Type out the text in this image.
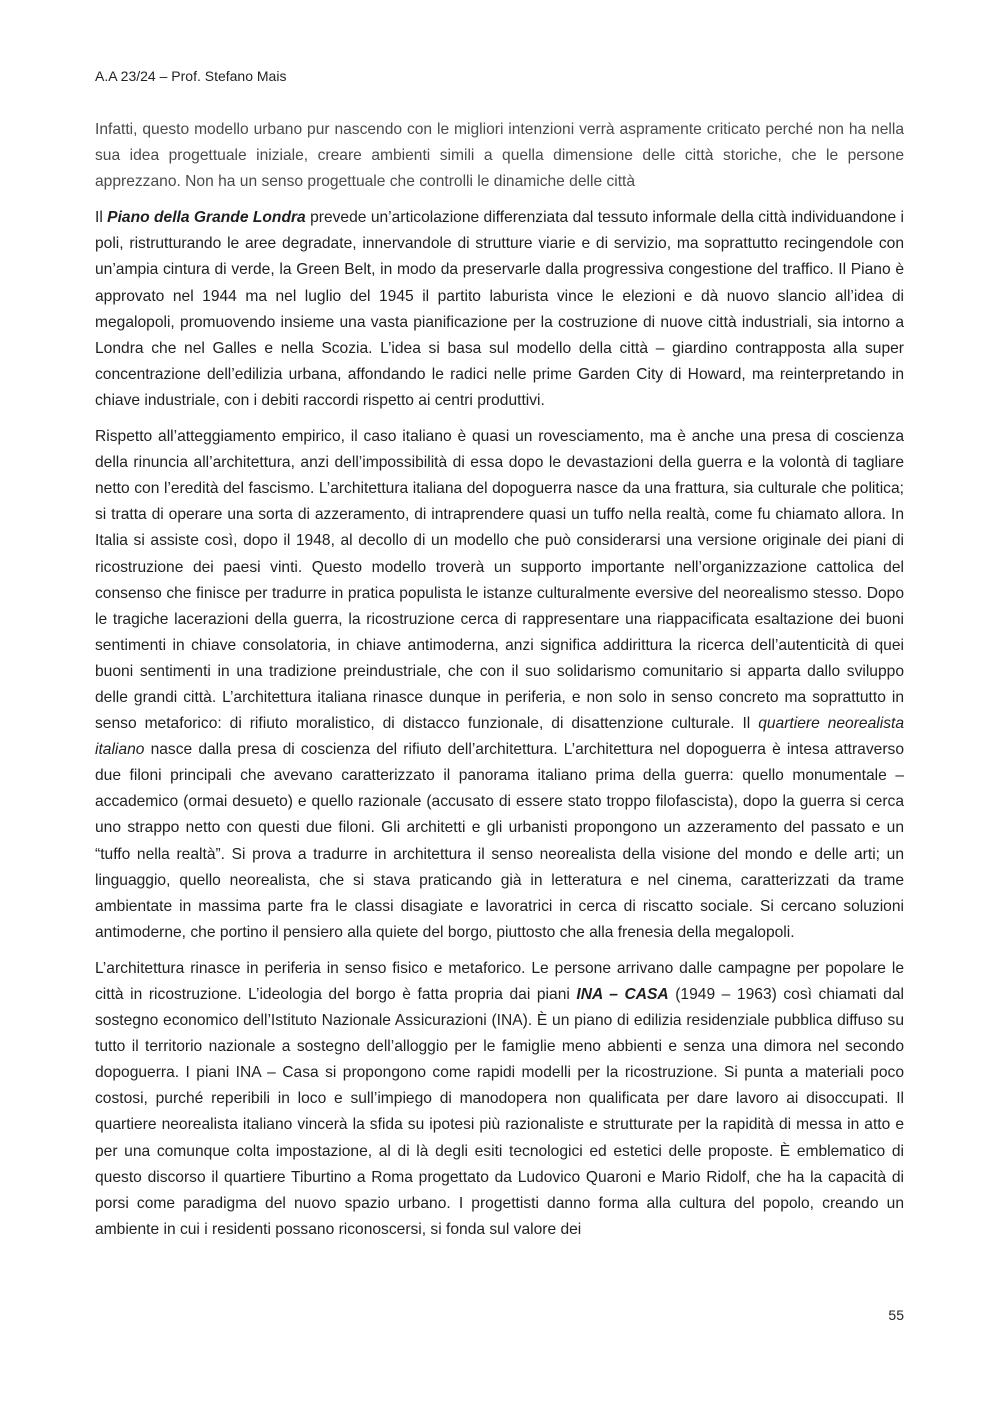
A.A 23/24 – Prof. Stefano Mais

Infatti, questo modello urbano pur nascendo con le migliori intenzioni verrà aspramente criticato perché non ha nella sua idea progettuale iniziale, creare ambienti simili a quella dimensione delle città storiche, che le persone apprezzano. Non ha un senso progettuale che controlli le dinamiche delle città

Il Piano della Grande Londra prevede un’articolazione differenziata dal tessuto informale della città individuandone i poli, ristrutturando le aree degradate, innervandole di strutture viarie e di servizio, ma soprattutto recingendole con un’ampia cintura di verde, la Green Belt, in modo da preservarle dalla progressiva congestione del traffico. Il Piano è approvato nel 1944 ma nel luglio del 1945 il partito laburista vince le elezioni e dà nuovo slancio all’idea di megalopoli, promuovendo insieme una vasta pianificazione per la costruzione di nuove città industriali, sia intorno a Londra che nel Galles e nella Scozia. L’idea si basa sul modello della città – giardino contrapposta alla super concentrazione dell’edilizia urbana, affondando le radici nelle prime Garden City di Howard, ma reinterpretando in chiave industriale, con i debiti raccordi rispetto ai centri produttivi.

Rispetto all’atteggiamento empirico, il caso italiano è quasi un rovesciamento, ma è anche una presa di coscienza della rinuncia all’architettura, anzi dell’impossibilità di essa dopo le devastazioni della guerra e la volontà di tagliare netto con l’eredità del fascismo. L’architettura italiana del dopoguerra nasce da una frattura, sia culturale che politica; si tratta di operare una sorta di azzeramento, di intraprendere quasi un tuffo nella realtà, come fu chiamato allora. In Italia si assiste così, dopo il 1948, al decollo di un modello che può considerarsi una versione originale dei piani di ricostruzione dei paesi vinti. Questo modello troverà un supporto importante nell’organizzazione cattolica del consenso che finisce per tradurre in pratica populista le istanze culturalmente eversive del neorealismo stesso. Dopo le tragiche lacerazioni della guerra, la ricostruzione cerca di rappresentare una riappacificata esaltazione dei buoni sentimenti in chiave consolatoria, in chiave antimoderna, anzi significa addirittura la ricerca dell’autenticità di quei buoni sentimenti in una tradizione preindustriale, che con il suo solidarismo comunitario si apparta dallo sviluppo delle grandi città. L’architettura italiana rinasce dunque in periferia, e non solo in senso concreto ma soprattutto in senso metaforico: di rifiuto moralistico, di distacco funzionale, di disattenzione culturale. Il quartiere neorealista italiano nasce dalla presa di coscienza del rifiuto dell’architettura. L’architettura nel dopoguerra è intesa attraverso due filoni principali che avevano caratterizzato il panorama italiano prima della guerra: quello monumentale – accademico (ormai desueto) e quello razionale (accusato di essere stato troppo filofascista), dopo la guerra si cerca uno strappo netto con questi due filoni. Gli architetti e gli urbanisti propongono un azzeramento del passato e un “tuffo nella realtà”. Si prova a tradurre in architettura il senso neorealista della visione del mondo e delle arti; un linguaggio, quello neorealista, che si stava praticando già in letteratura e nel cinema, caratterizzati da trame ambientate in massima parte fra le classi disagiate e lavoratrici in cerca di riscatto sociale. Si cercano soluzioni antimoderne, che portino il pensiero alla quiete del borgo, piuttosto che alla frenesia della megalopoli.

L’architettura rinasce in periferia in senso fisico e metaforico. Le persone arrivano dalle campagne per popolare le città in ricostruzione. L’ideologia del borgo è fatta propria dai piani INA – CASA (1949 – 1963) così chiamati dal sostegno economico dell’Istituto Nazionale Assicurazioni (INA). È un piano di edilizia residenziale pubblica diffuso su tutto il territorio nazionale a sostegno dell’alloggio per le famiglie meno abbienti e senza una dimora nel secondo dopoguerra. I piani INA – Casa si propongono come rapidi modelli per la ricostruzione. Si punta a materiali poco costosi, purché reperibili in loco e sull’impiego di manodopera non qualificata per dare lavoro ai disoccupati. Il quartiere neorealista italiano vincerà la sfida su ipotesi più razionaliste e strutturate per la rapidità di messa in atto e per una comunque colta impostazione, al di là degli esiti tecnologici ed estetici delle proposte. È emblematico di questo discorso il quartiere Tiburtino a Roma progettato da Ludovico Quaroni e Mario Ridolf, che ha la capacità di porsi come paradigma del nuovo spazio urbano. I progettisti danno forma alla cultura del popolo, creando un ambiente in cui i residenti possano riconoscersi, si fonda sul valore dei

55
